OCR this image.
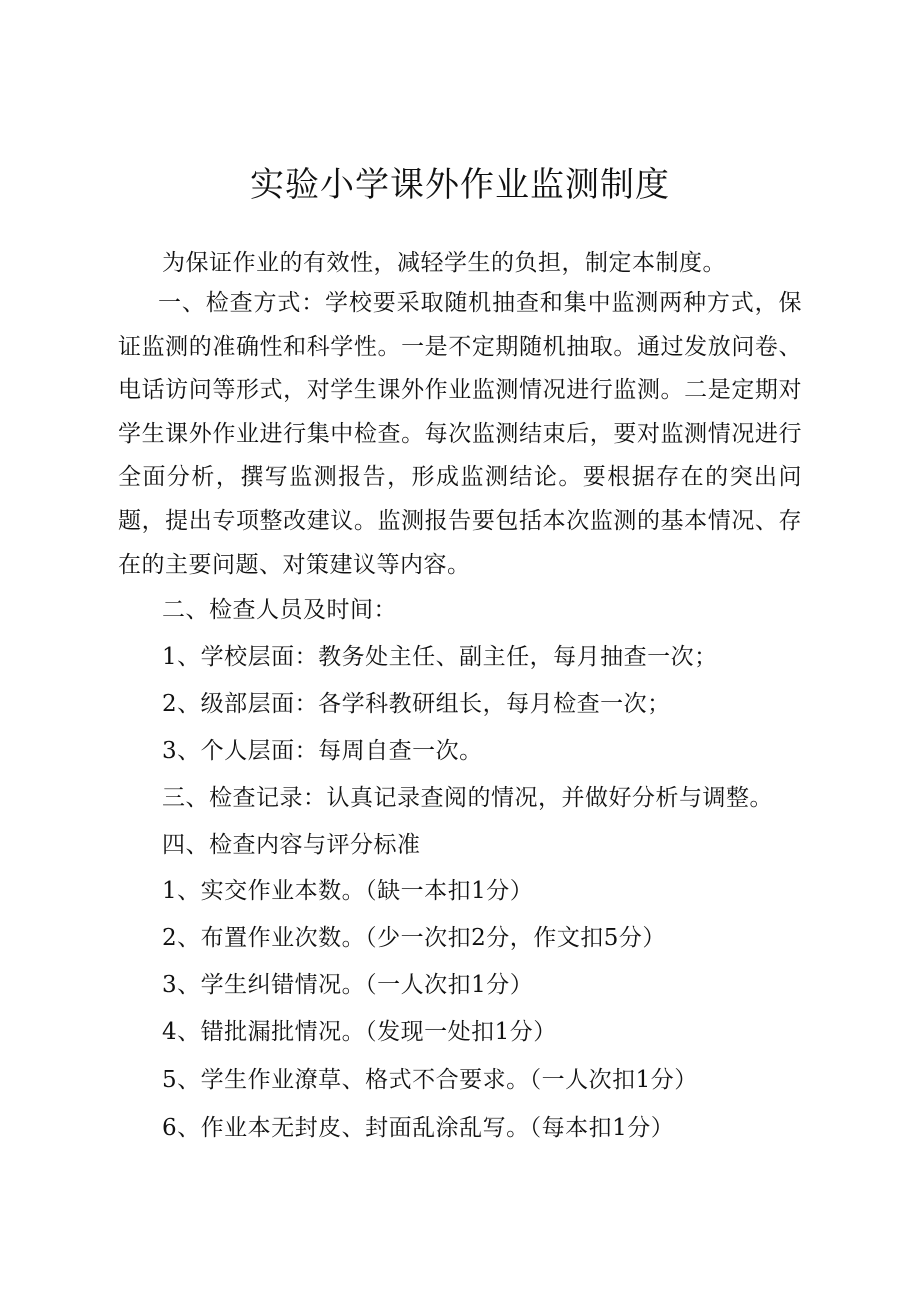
实验小学课外作业监测制度
为保证作业的有效性，减轻学生的负担，制定本制度。
一、检查方式：学校要采取随机抽查和集中监测两种方式，保证监测的准确性和科学性。一是不定期随机抽取。通过发放问卷、电话访问等形式，对学生课外作业监测情况进行监测。二是定期对学生课外作业进行集中检查。每次监测结束后，要对监测情况进行全面分析，撰写监测报告，形成监测结论。要根据存在的突出问题，提出专项整改建议。监测报告要包括本次监测的基本情况、存在的主要问题、对策建议等内容。
二、检查人员及时间：
1、学校层面：教务处主任、副主任，每月抽查一次；
2、级部层面：各学科教研组长，每月检查一次；
3、个人层面：每周自查一次。
三、检查记录：认真记录查阅的情况，并做好分析与调整。
四、检查内容与评分标准
1、实交作业本数。（缺一本扣1分）
2、布置作业次数。（少一次扣2分，作文扣5分）
3、学生纠错情况。（一人次扣1分）
4、错批漏批情况。（发现一处扣1分）
5、学生作业潦草、格式不合要求。（一人次扣1分）
6、作业本无封皮、封面乱涂乱写。（每本扣1分）
